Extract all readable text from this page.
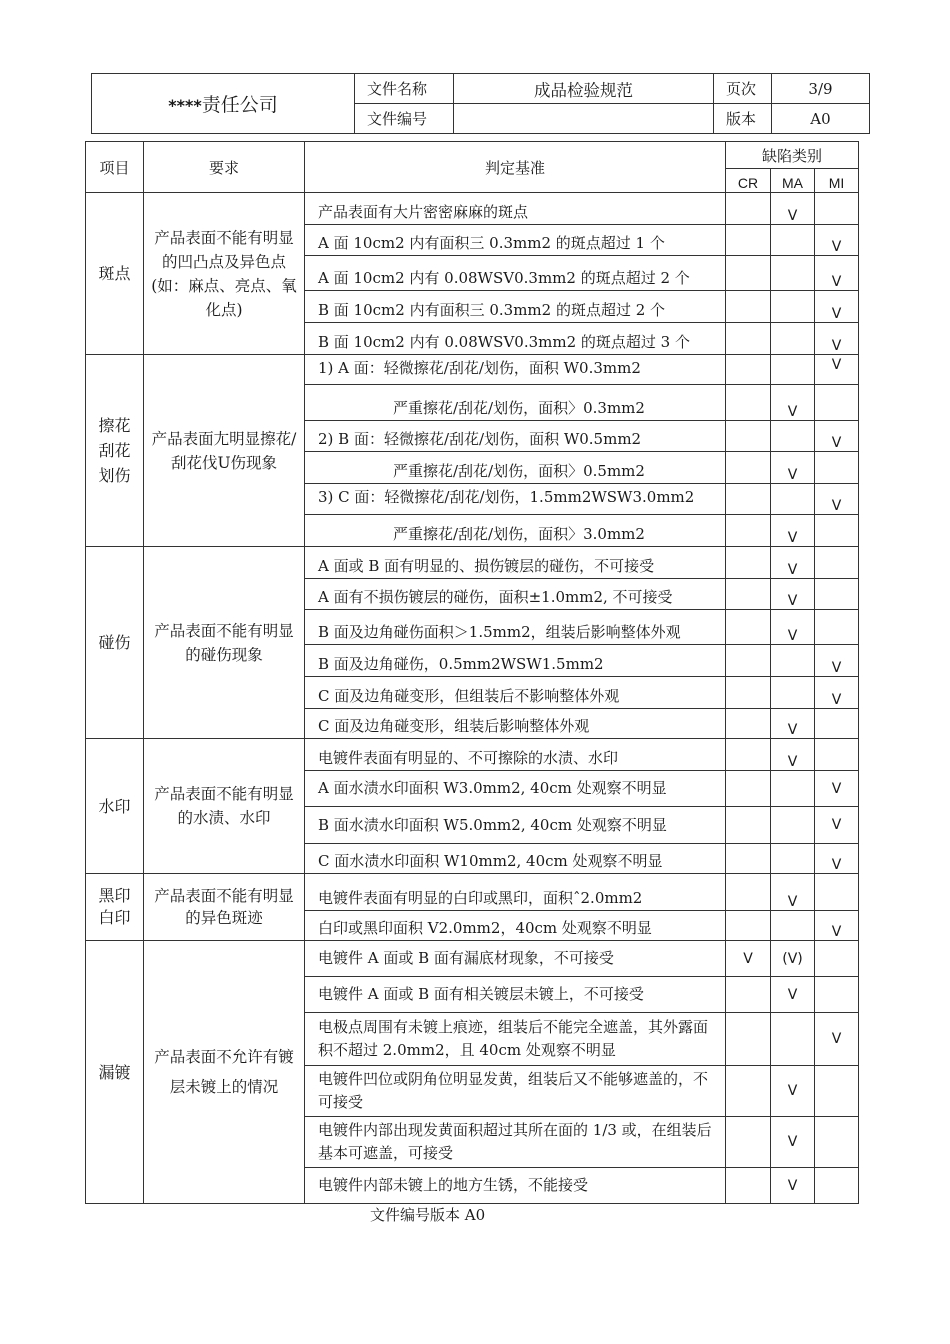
****责任公司	文件名称	成品检验规范	页次	3/9
	文件编号		版本	A0
项目	要求	判定基准	缺陷类别		
			CR	MA	MI
斑点	产品表面不能有明显的凹凸点及异色点(如：麻点、亮点、氧化点)	产品表面有大片密密麻麻的斑点		V	
		A 面 10cm2 内有面积三 0.3mm2 的斑点超过 1 个			V
		A 面 10cm2 内有 0.08WSV0.3mm2 的斑点超过 2 个			V
		B 面 10cm2 内有面积三 0.3mm2 的斑点超过 2 个			V
		B 面 10cm2 内有 0.08WSV0.3mm2 的斑点超过 3 个			V

擦花刮花划伤	产品表面尢明显擦花/刮花伐U伤现象	1) A 面：轻微擦花/刮花/划伤，面积 W0.3mm2			V
		严重擦花/刮花/划伤，面积〉0.3mm2		V	
		2) B 面：轻微擦花/刮花/划伤，面积 W0.5mm2			V
		严重擦花/刮花/划伤，面积〉0.5mm2		V	
		3) C 面：轻微擦花/刮花/划伤，1.5mm2WSW3.0mm2			V
		严重擦花/刮花/划伤，面积〉3.0mm2		V	
碰伤	产品表面不能有明显的碰伤现象	A 面或 B 面有明显的、损伤镀层的碰伤，不可接受		V	
		A 面有不损伤镀层的碰伤，面积±1.0mm2, 不可接受		V	
		B 面及边角碰伤面积＞1.5mm2，组装后影响整体外观		V	
		B 面及边角碰伤，0.5mm2WSW1.5mm2			V
		C 面及边角碰变形，但组装后不影响整体外观			V
		C 面及边角碰变形，组装后影响整体外观		V	
水印	产品表面不能有明显的水渍、水印	电镀件表面有明显的、不可擦除的水渍、水印		V	
		A 面水渍水印面积 W3.0mm2, 40cm 处观察不明显			V
		B 面水渍水印面积 W5.0mm2, 40cm 处观察不明显			V
		C 面水渍水印面积 W10mm2, 40cm 处观察不明显			V

黑印白印	产品表面不能有明显的异色斑迹	电镀件表面有明显的白印或黑印，面积ˆ2.0mm2		V	
		白印或黑印面积 V2.0mm2，40cm 处观察不明显			V
漏镀	产品表面不允许有镀层未镀上的情况	电镀件 A 面或 B 面有漏底材现象，不可接受	V	(V)	
		电镀件 A 面或 B 面有相关镀层未镀上，不可接受		V	
		电极点周围有未镀上痕迹，组装后不能完全遮盖，其外露面积不超过 2.0mm2，且 40cm 处观察不明显			V
		电镀件凹位或阴角位明显发黄，组装后又不能够遮盖的，不可接受		V	
		电镀件内部出现发黄面积超过其所在面的 1/3 或，在组装后基本可遮盖，可接受		V	
		电镀件内部未镀上的地方生锈，不能接受		V	
文件编号版本 A0
